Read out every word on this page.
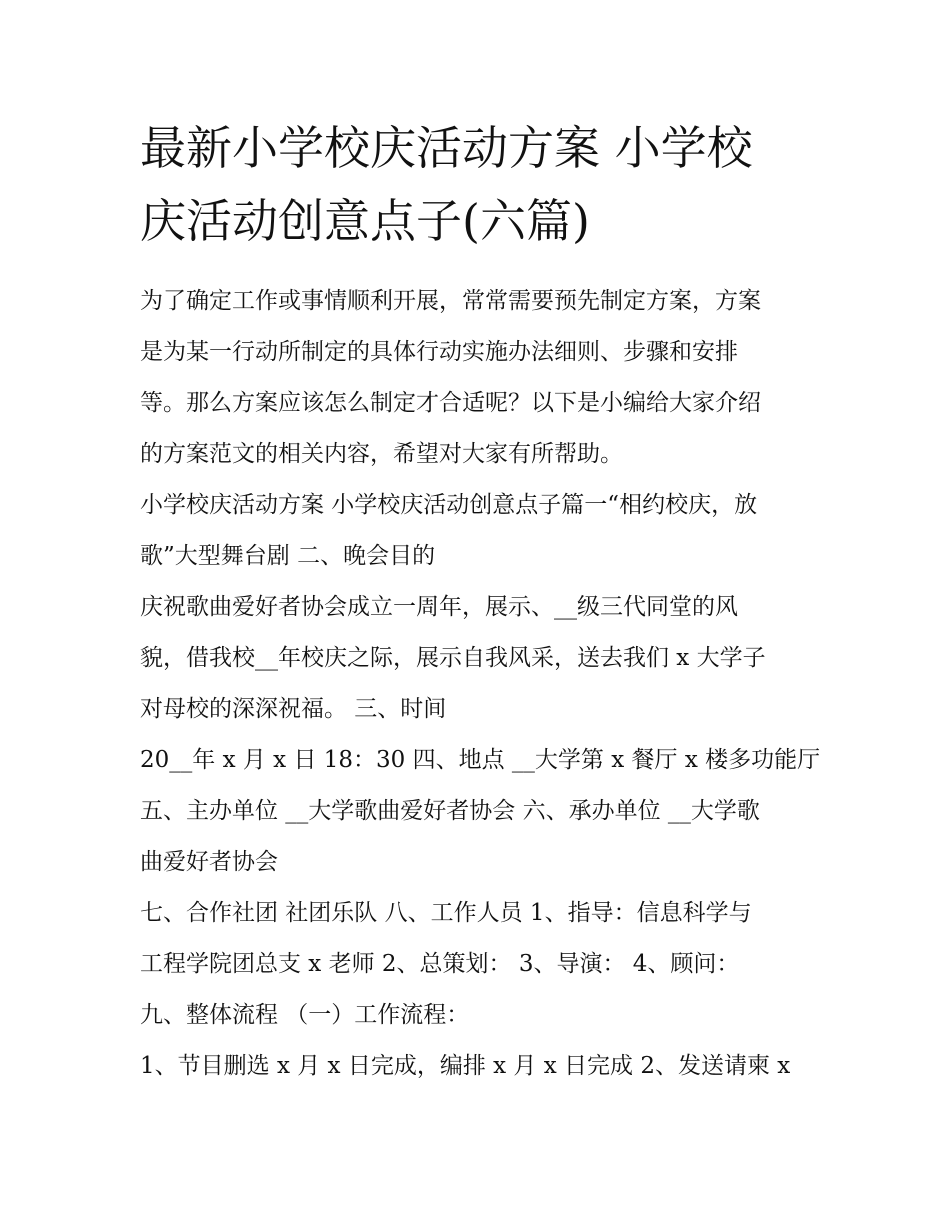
最新小学校庆活动方案 小学校
庆活动创意点子(六篇)

为了确定工作或事情顺利开展，常常需要预先制定方案，方案
是为某一行动所制定的具体行动实施办法细则、步骤和安排
等。那么方案应该怎么制定才合适呢？以下是小编给大家介绍
的方案范文的相关内容，希望对大家有所帮助。

小学校庆活动方案 小学校庆活动创意点子篇一“相约校庆，放
歌”大型舞台剧 二、晚会目的

庆祝歌曲爱好者协会成立一周年，展示、__级三代同堂的风
貌，借我校__年校庆之际，展示自我风采，送去我们 x 大学子
对母校的深深祝福。 三、时间

20__年 x 月 x 日 18：30 四、地点 __大学第 x 餐厅 x 楼多功能厅
五、主办单位 __大学歌曲爱好者协会 六、承办单位 __大学歌
曲爱好者协会

七、合作社团 社团乐队 八、工作人员 1、指导：信息科学与
工程学院团总支 x 老师 2、总策划： 3、导演： 4、顾问：

九、整体流程 （一）工作流程：

1、节目删选 x 月 x 日完成，编排 x 月 x 日完成 2、发送请柬 x
